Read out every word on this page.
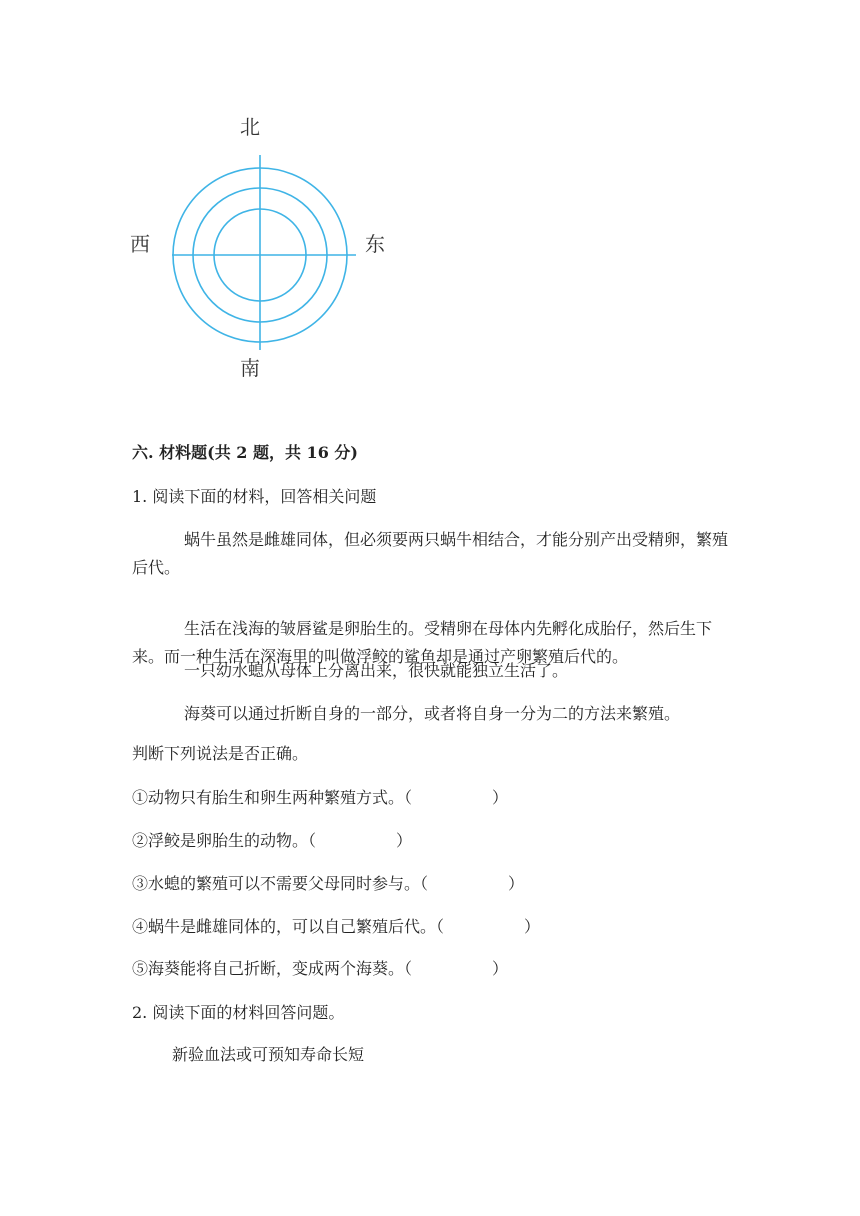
北
南
西	东
六. 材料题(共 2 题，共 16 分)
1. 阅读下面的材料，回答相关问题
蜗牛虽然是雌雄同体，但必须要两只蜗牛相结合，才能分别产出受精卵，繁殖后代。
生活在浅海的皱唇鲨是卵胎生的。受精卵在母体内先孵化成胎仔，然后生下来。而一种生活在深海里的叫做浮鲛的鲨鱼却是通过产卵繁殖后代的。
一只幼水螅从母体上分离出来，很快就能独立生活了。
海葵可以通过折断自身的一部分，或者将自身一分为二的方法来繁殖。
判断下列说法是否正确。
①动物只有胎生和卵生两种繁殖方式。（	）
②浮鲛是卵胎生的动物。（	）
③水螅的繁殖可以不需要父母同时参与。（	）
④蜗牛是雌雄同体的，可以自己繁殖后代。（	）
⑤海葵能将自己折断，变成两个海葵。（	）
2. 阅读下面的材料回答问题。
新验血法或可预知寿命长短
